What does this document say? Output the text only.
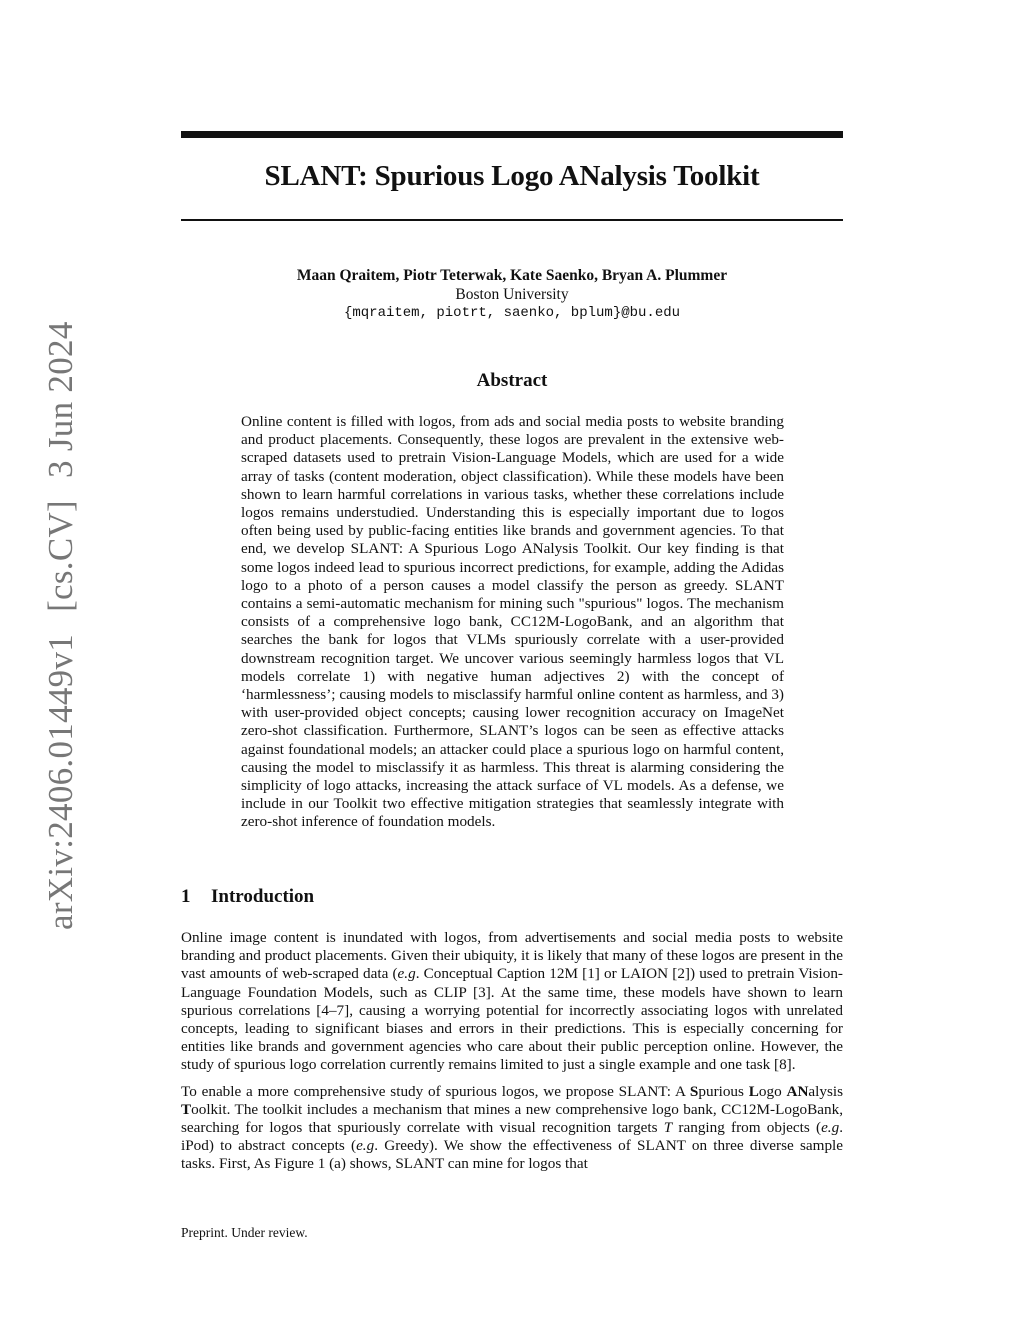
arXiv:2406.01449v1[cs.CV]3 Jun 2024
SLANT: Spurious Logo ANalysis Toolkit
Maan Qraitem, Piotr Teterwak, Kate Saenko, Bryan A. Plummer
Boston University
{mqraitem, piotrt, saenko, bplum}@bu.edu
Abstract
Online content is filled with logos, from ads and social media posts to website branding and product placements. Consequently, these logos are prevalent in the extensive web-scraped datasets used to pretrain Vision-Language Models, which are used for a wide array of tasks (content moderation, object classification). While these models have been shown to learn harmful correlations in various tasks, whether these correlations include logos remains understudied. Understanding this is especially important due to logos often being used by public-facing entities like brands and government agencies. To that end, we develop SLANT: A Spurious Logo ANalysis Toolkit. Our key finding is that some logos indeed lead to spurious incorrect predictions, for example, adding the Adidas logo to a photo of a person causes a model classify the person as greedy. SLANT contains a semi-automatic mechanism for mining such "spurious" logos. The mechanism consists of a comprehensive logo bank, CC12M-LogoBank, and an algorithm that searches the bank for logos that VLMs spuriously correlate with a user-provided downstream recognition target. We uncover various seemingly harmless logos that VL models correlate 1) with negative human adjectives 2) with the concept of ‘harmlessness’; causing models to misclassify harmful online content as harmless, and 3) with user-provided object concepts; causing lower recognition accuracy on ImageNet zero-shot classification. Furthermore, SLANT’s logos can be seen as effective attacks against foundational models; an attacker could place a spurious logo on harmful content, causing the model to misclassify it as harmless. This threat is alarming considering the simplicity of logo attacks, increasing the attack surface of VL models. As a defense, we include in our Toolkit two effective mitigation strategies that seamlessly integrate with zero-shot inference of foundation models.
1 Introduction

Online image content is inundated with logos, from advertisements and social media posts to website branding and product placements. Given their ubiquity, it is likely that many of these logos are present in the vast amounts of web-scraped data (e.g. Conceptual Caption 12M [1] or LAION [2]) used to pretrain Vision-Language Foundation Models, such as CLIP [3]. At the same time, these models have shown to learn spurious correlations [4–7], causing a worrying potential for incorrectly associating logos with unrelated concepts, leading to significant biases and errors in their predictions. This is especially concerning for entities like brands and government agencies who care about their public perception online. However, the study of spurious logo correlation currently remains limited to just a single example and one task [8].

To enable a more comprehensive study of spurious logos, we propose SLANT: A Spurious Logo ANalysis Toolkit. The toolkit includes a mechanism that mines a new comprehensive logo bank, CC12M-LogoBank, searching for logos that spuriously correlate with visual recognition targets T ranging from objects (e.g. iPod) to abstract concepts (e.g. Greedy). We show the effectiveness of SLANT on three diverse sample tasks. First, As Figure 1 (a) shows, SLANT can mine for logos that

Preprint. Under review.
